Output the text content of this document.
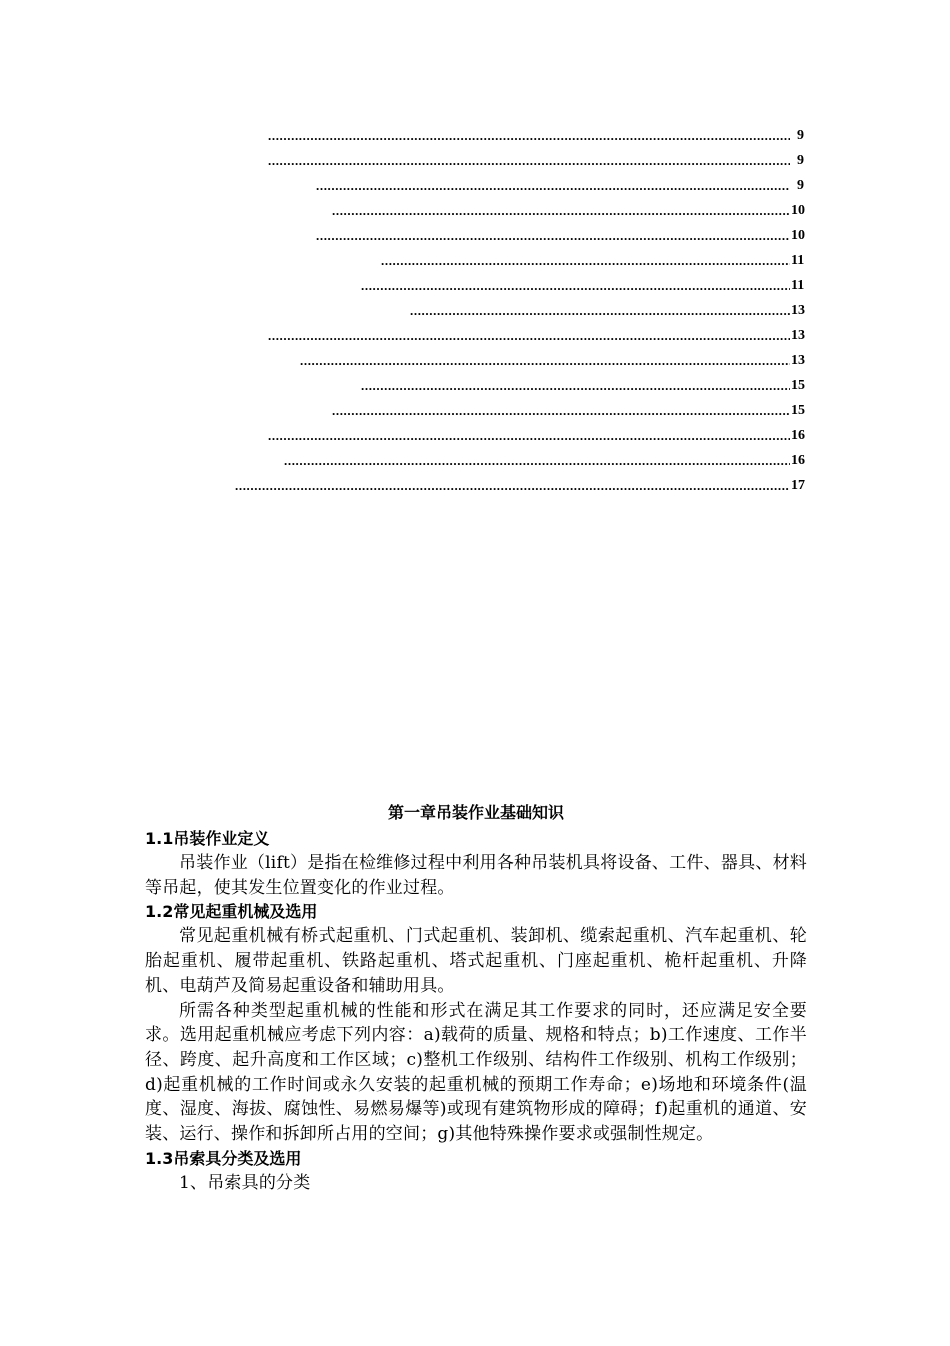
.....
9
.....
9
.....
9
.....
10
.....
10
.....
11
.....
11
.....
13
.....
13
.....
13
.....
15
.....
15
.....
16
.....
16
.....
17
第一章吊装作业基础知识
1.1吊装作业定义

吊装作业（lift）是指在检维修过程中利用各种吊装机具将设备、工件、器具、材料等吊起，使其发生位置变化的作业过程。

1.2常见起重机械及选用

常见起重机械有桥式起重机、门式起重机、装卸机、缆索起重机、汽车起重机、轮胎起重机、履带起重机、铁路起重机、塔式起重机、门座起重机、桅杆起重机、升降机、电葫芦及简易起重设备和辅助用具。

所需各种类型起重机械的性能和形式在满足其工作要求的同时，还应满足安全要求。选用起重机械应考虑下列内容：a)载荷的质量、规格和特点；b)工作速度、工作半径、跨度、起升高度和工作区域；c)整机工作级别、结构件工作级别、机构工作级别；d)起重机械的工作时间或永久安装的起重机械的预期工作寿命；e)场地和环境条件(温度、湿度、海拔、腐蚀性、易燃易爆等)或现有建筑物形成的障碍；f)起重机的通道、安装、运行、操作和拆卸所占用的空间；g)其他特殊操作要求或强制性规定。

1.3吊索具分类及选用

1、吊索具的分类
